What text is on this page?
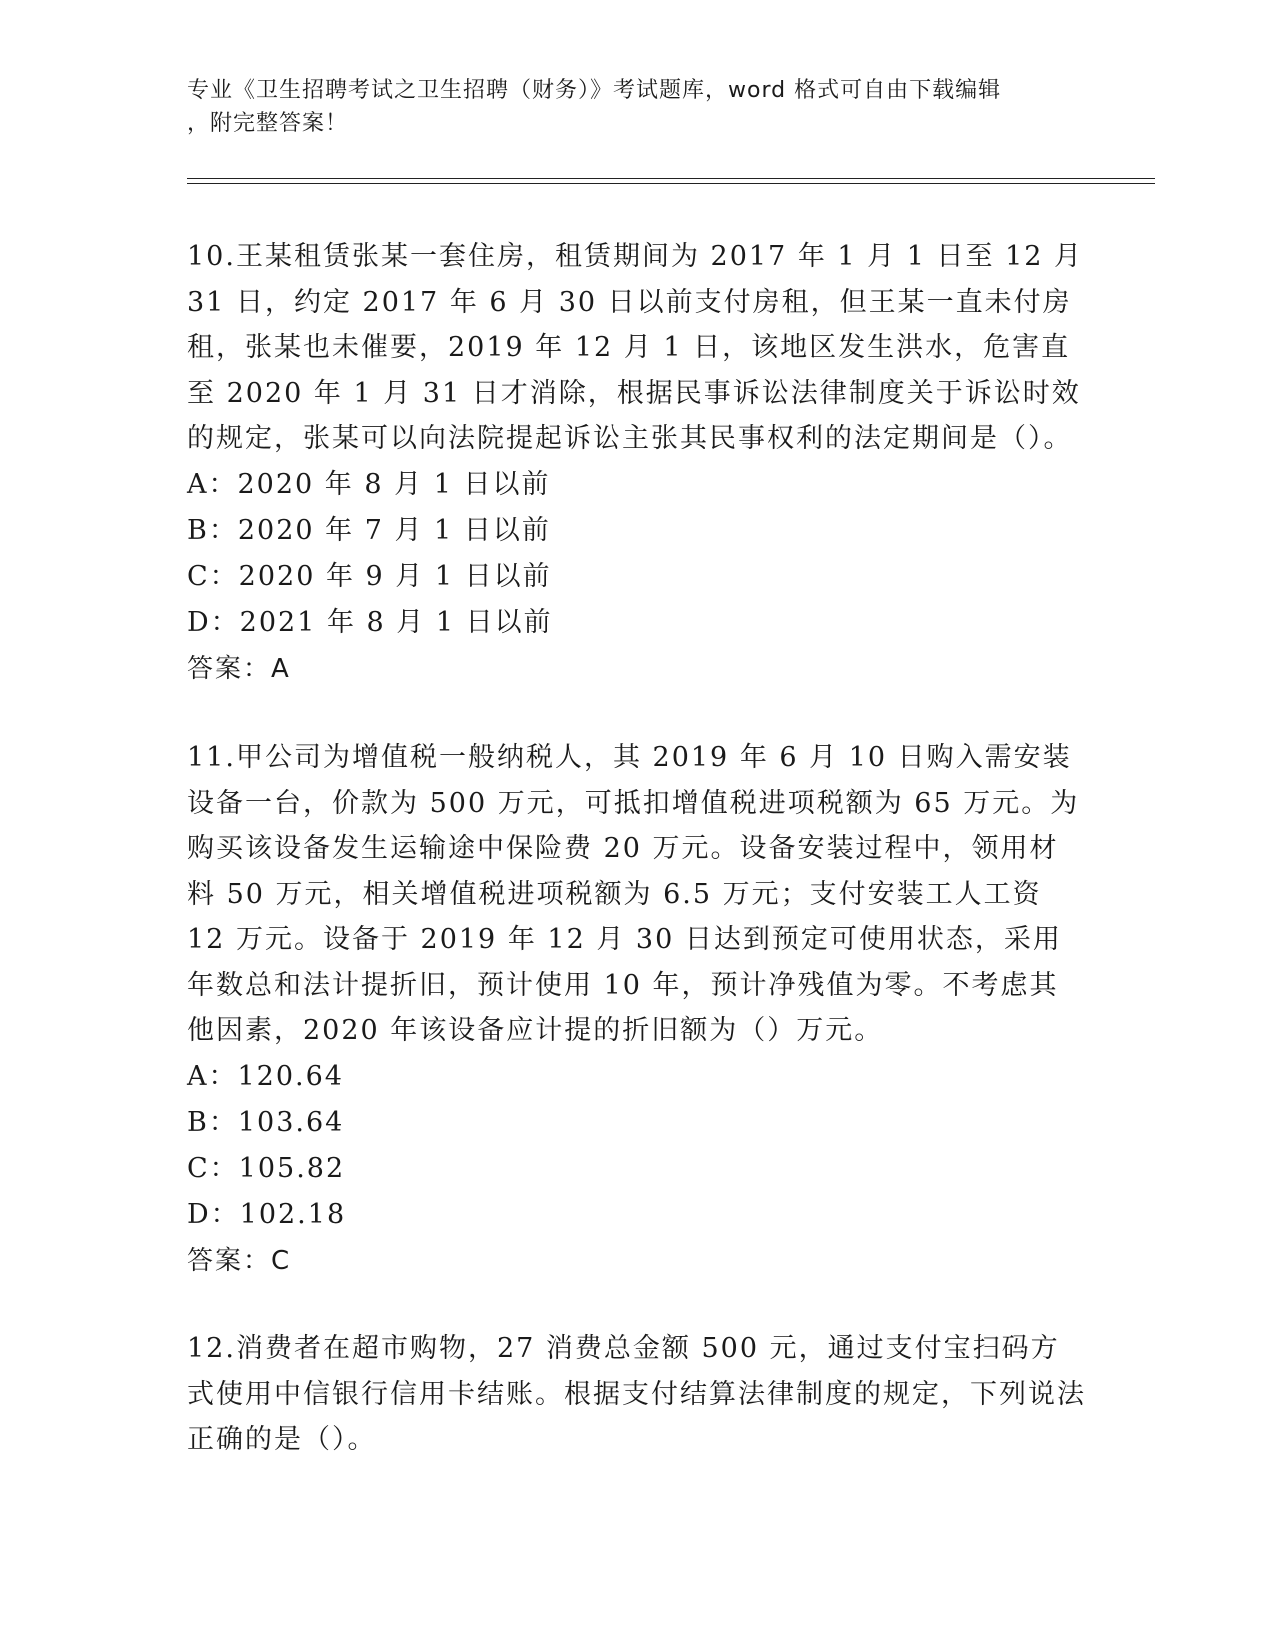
专业《卫生招聘考试之卫生招聘（财务）》考试题库，word 格式可自由下载编辑
，附完整答案！

10.王某租赁张某一套住房，租赁期间为 2017 年 1 月 1 日至 12 月 31 日，约定 2017 年 6 月 30 日以前支付房租，但王某一直未付房租，张某也未催要，2019 年 12 月 1 日，该地区发生洪水，危害直至 2020 年 1 月 31 日才消除，根据民事诉讼法律制度关于诉讼时效的规定，张某可以向法院提起诉讼主张其民事权利的法定期间是（）。

A：2020 年 8 月 1 日以前
B：2020 年 7 月 1 日以前
C：2020 年 9 月 1 日以前
D：2021 年 8 月 1 日以前
答案：A

11.甲公司为增值税一般纳税人，其 2019 年 6 月 10 日购入需安装设备一台，价款为 500 万元，可抵扣增值税进项税额为 65 万元。为购买该设备发生运输途中保险费 20 万元。设备安装过程中，领用材料 50 万元，相关增值税进项税额为 6.5 万元；支付安装工人工资 12 万元。设备于 2019 年 12 月 30 日达到预定可使用状态，采用年数总和法计提折旧，预计使用 10 年，预计净残值为零。不考虑其他因素，2020 年该设备应计提的折旧额为（）万元。

A：120.64
B：103.64
C：105.82
D：102.18
答案：C

12.消费者在超市购物，27 消费总金额 500 元，通过支付宝扫码方式使用中信银行信用卡结账。根据支付结算法律制度的规定，下列说法正确的是（）。
